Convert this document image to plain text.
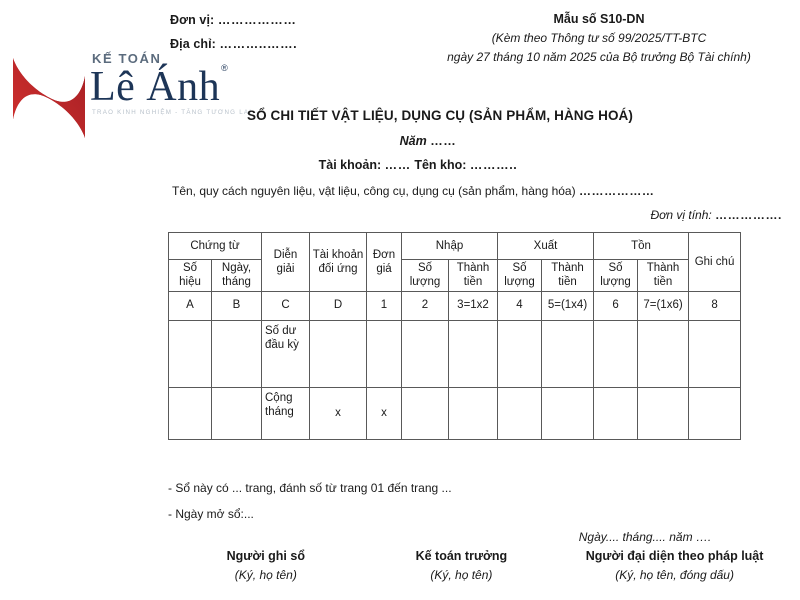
Đơn vị: ………………
Địa chỉ: ………..…….
Mẫu số S10-DN
(Kèm theo Thông tư số 99/2025/TT-BTC
ngày 27 tháng 10 năm 2025 của Bộ trưởng Bộ Tài chính)
KẾ TOÁN
Lê Ánh®
TRAO KINH NGHIỆM - TĂNG TƯƠNG LAI
SỔ CHI TIẾT VẬT LIỆU, DỤNG CỤ (SẢN PHẨM, HÀNG HOÁ)
Năm ……
Tài khoản: …… Tên kho: ………..
Tên, quy cách nguyên liệu, vật liệu, công cụ, dụng cụ (sản phẩm, hàng hóa) ………………
Đơn vị tính: …………….
Chứng từ		Diễn giải	Tài khoản đối ứng	Đơn giá	Nhập		Xuất		Tồn		Ghi chú
Số hiệu	Ngày, tháng				Số lượng	Thành tiền	Số lượng	Thành tiền	Số lượng	Thành tiền	
A	B	C	D	1	2	3=1x2	4	5=(1x4)	6	7=(1x6)	8
		Số dư đầu kỳ									
		Cộng tháng	x	x							
- Sổ này có ... trang, đánh số từ trang 01 đến trang ...
- Ngày mở sổ:...
Ngày.... tháng.... năm ….
Người ghi sổ
(Ký, họ tên)
Kế toán trưởng
(Ký, họ tên)
Người đại diện theo pháp luật
(Ký, họ tên, đóng dấu)
